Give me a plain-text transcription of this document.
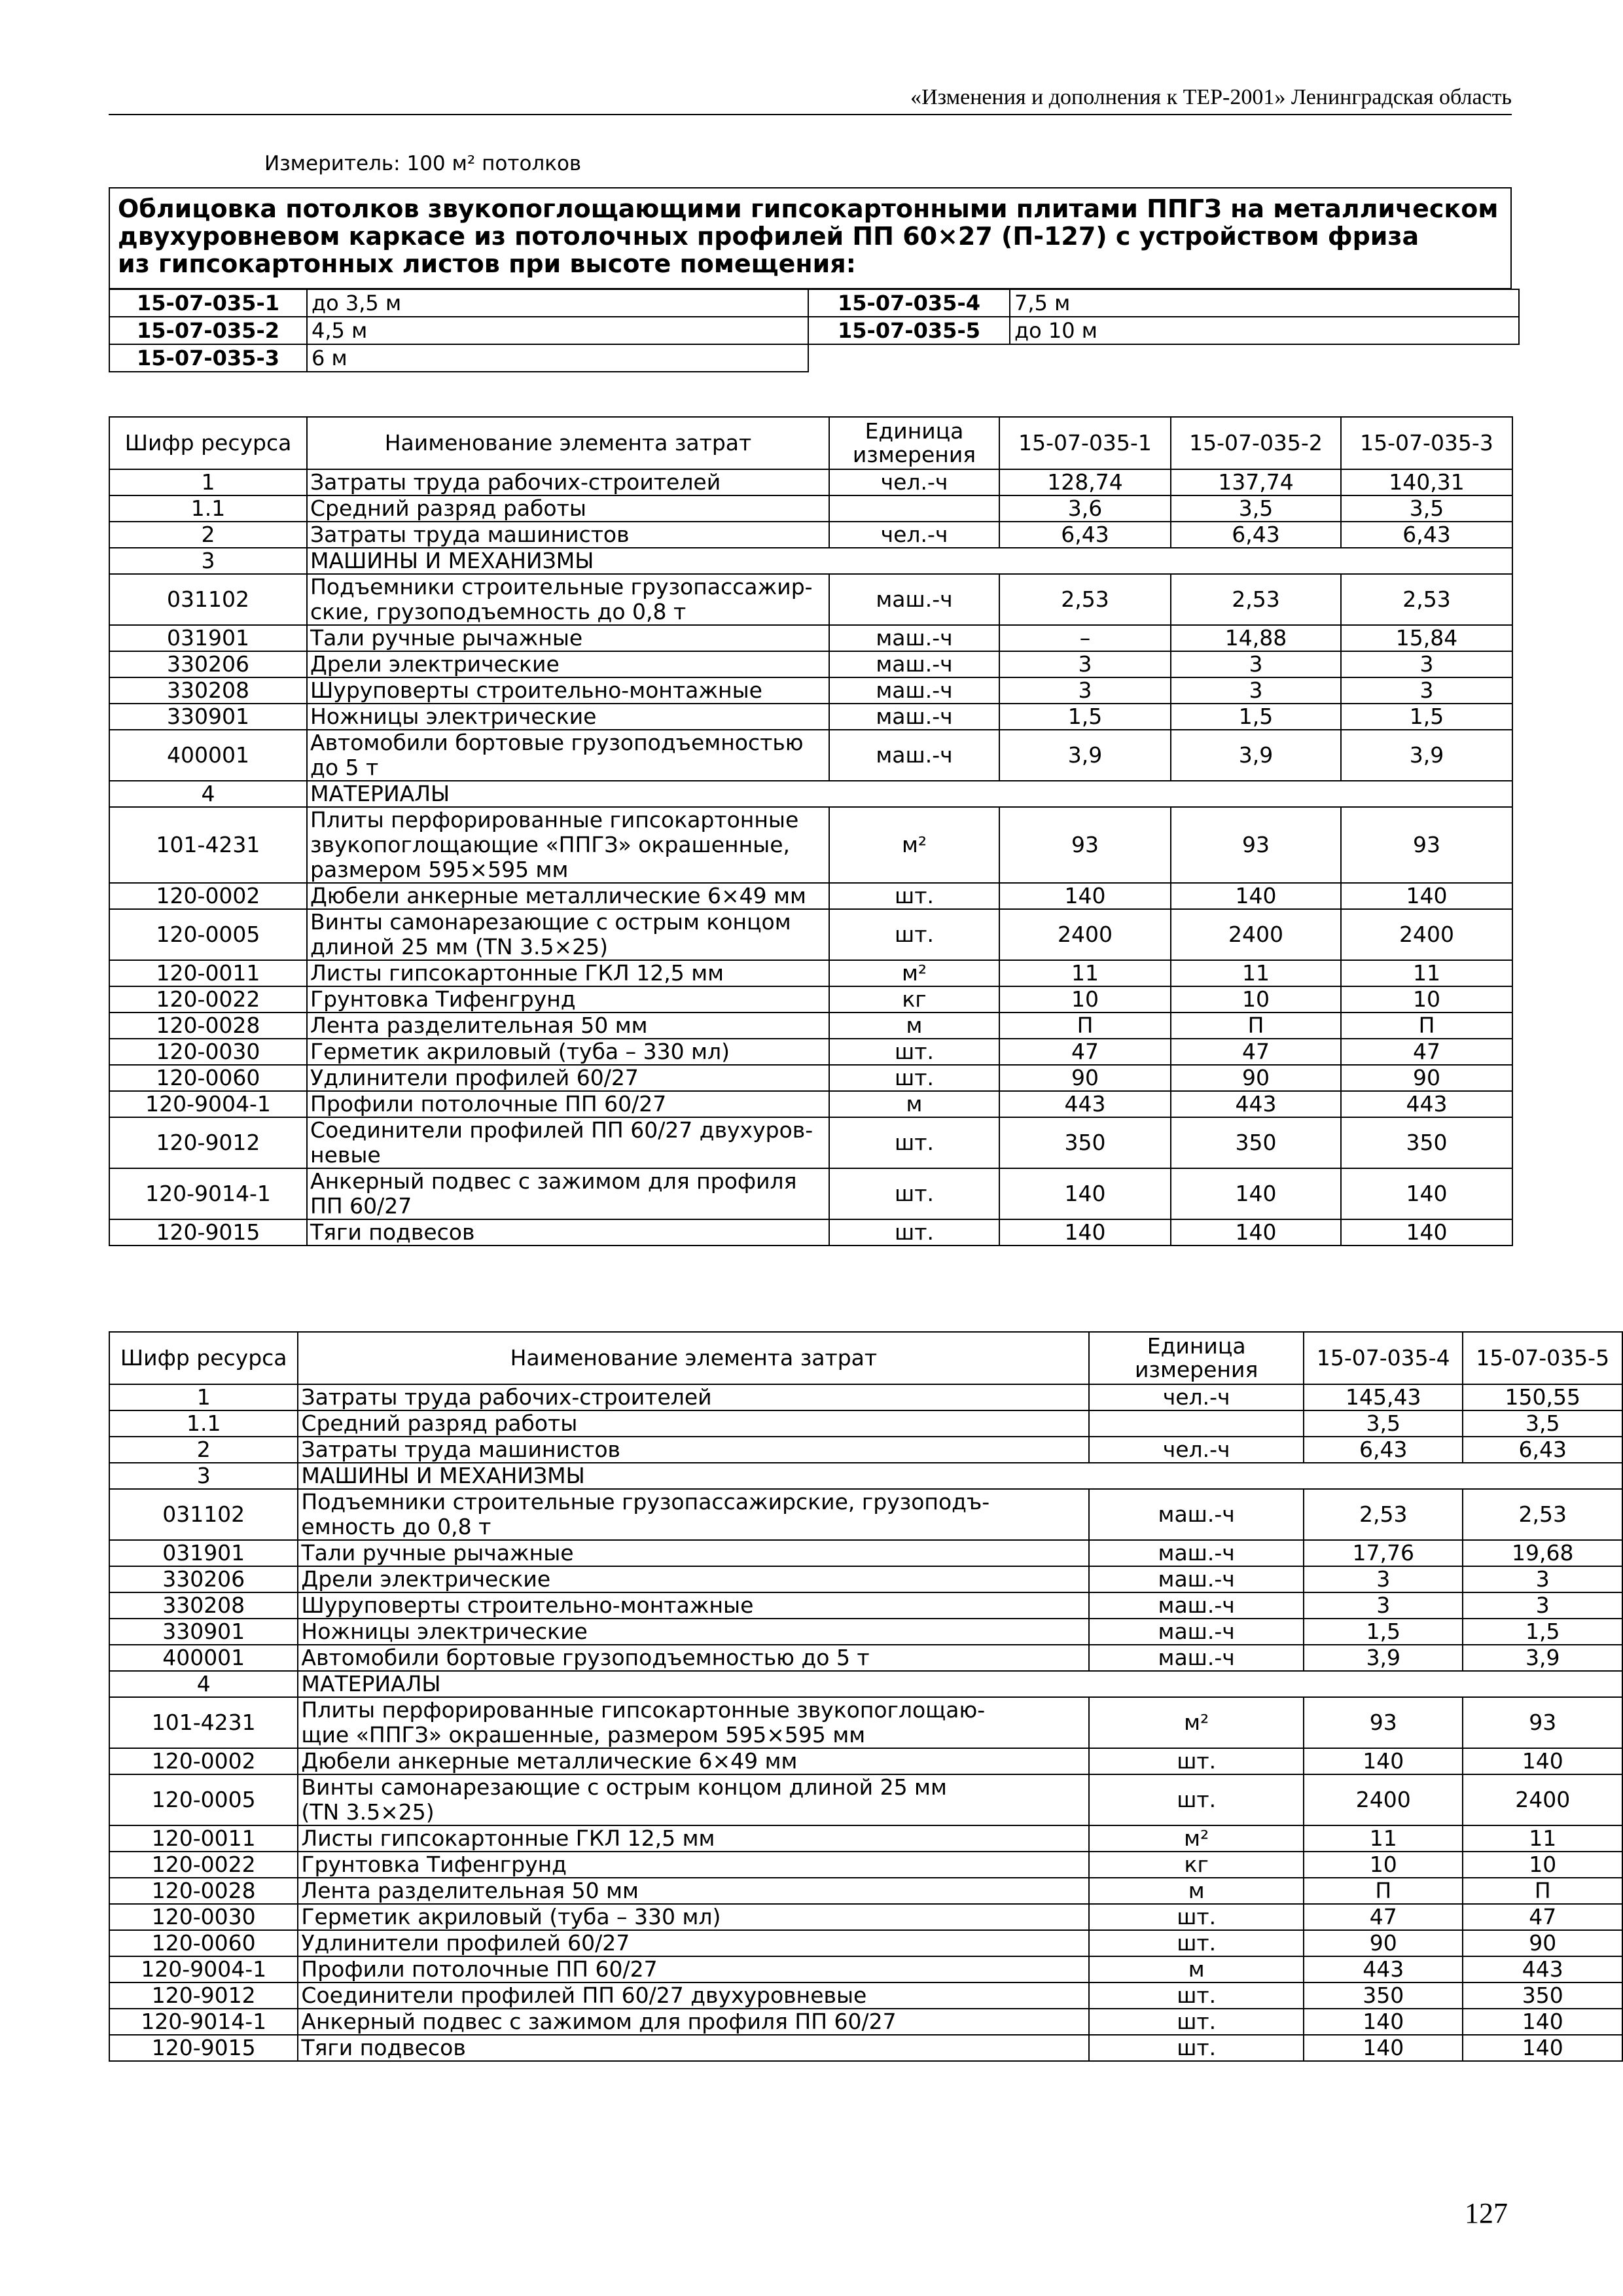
«Изменения и дополнения к ТЕР-2001» Ленинградская область
Измеритель: 100 м² потолков
Облицовка потолков звукопоглощающими гипсокартонными плитами ППГЗ на металлическом
двухуровневом каркасе из потолочных профилей ПП 60×27 (П-127) с устройством фриза
из гипсокартонных листов при высоте помещения:
15-07-035-1	до 3,5 м	15-07-035-4	7,5 м
15-07-035-2	4,5 м	15-07-035-5	до 10 м
15-07-035-3	6 м		
Шифр ресурса	Наименование элемента затрат	Единица измерения	15-07-035-1	15-07-035-2	15-07-035-3
1	Затраты труда рабочих-строителей	чел.-ч	128,74	137,74	140,31
1.1	Средний разряд работы		3,6	3,5	3,5
2	Затраты труда машинистов	чел.-ч	6,43	6,43	6,43
3	МАШИНЫ И МЕХАНИЗМЫ				

031102	Подъемники строительные грузопассажир-
ские, грузоподъемность до 0,8 т	маш.-ч	2,53	2,53	2,53
031901	Тали ручные рычажные	маш.-ч	–	14,88	15,84
330206	Дрели электрические	маш.-ч	3	3	3
330208	Шуруповерты строительно-монтажные	маш.-ч	3	3	3
330901	Ножницы электрические	маш.-ч	1,5	1,5	1,5
400001	Автомобили бортовые грузоподъемностью
до 5 т	маш.-ч	3,9	3,9	3,9
4	МАТЕРИАЛЫ				

101-4231	Плиты перфорированные гипсокартонные
звукопоглощающие «ППГЗ» окрашенные,
размером 595×595 мм	м²	93	93	93
120-0002	Дюбели анкерные металлические 6×49 мм	шт.	140	140	140
120-0005	Винты самонарезающие с острым концом
длиной 25 мм (TN 3.5×25)	шт.	2400	2400	2400
120-0011	Листы гипсокартонные ГКЛ 12,5 мм	м²	11	11	11
120-0022	Грунтовка Тифенгрунд	кг	10	10	10
120-0028	Лента разделительная 50 мм	м	П	П	П
120-0030	Герметик акриловый (туба – 330 мл)	шт.	47	47	47
120-0060	Удлинители профилей 60/27	шт.	90	90	90
120-9004-1	Профили потолочные ПП 60/27	м	443	443	443
120-9012	Соединители профилей ПП 60/27 двухуров-
невые	шт.	350	350	350
120-9014-1	Анкерный подвес с зажимом для профиля
ПП 60/27	шт.	140	140	140
120-9015	Тяги подвесов	шт.	140	140	140
Шифр ресурса	Наименование элемента затрат	Единица измерения	15-07-035-4	15-07-035-5
1	Затраты труда рабочих-строителей	чел.-ч	145,43	150,55
1.1	Средний разряд работы		3,5	3,5
2	Затраты труда машинистов	чел.-ч	6,43	6,43
3	МАШИНЫ И МЕХАНИЗМЫ			

031102	Подъемники строительные грузопассажирские, грузоподъ-
емность до 0,8 т	маш.-ч	2,53	2,53
031901	Тали ручные рычажные	маш.-ч	17,76	19,68
330206	Дрели электрические	маш.-ч	3	3
330208	Шуруповерты строительно-монтажные	маш.-ч	3	3
330901	Ножницы электрические	маш.-ч	1,5	1,5
400001	Автомобили бортовые грузоподъемностью до 5 т	маш.-ч	3,9	3,9
4	МАТЕРИАЛЫ			

101-4231	Плиты перфорированные гипсокартонные звукопоглощаю-
щие «ППГЗ» окрашенные, размером 595×595 мм	м²	93	93
120-0002	Дюбели анкерные металлические 6×49 мм	шт.	140	140
120-0005	Винты самонарезающие с острым концом длиной 25 мм
(TN 3.5×25)	шт.	2400	2400
120-0011	Листы гипсокартонные ГКЛ 12,5 мм	м²	11	11
120-0022	Грунтовка Тифенгрунд	кг	10	10
120-0028	Лента разделительная 50 мм	м	П	П
120-0030	Герметик акриловый (туба – 330 мл)	шт.	47	47
120-0060	Удлинители профилей 60/27	шт.	90	90
120-9004-1	Профили потолочные ПП 60/27	м	443	443
120-9012	Соединители профилей ПП 60/27 двухуровневые	шт.	350	350
120-9014-1	Анкерный подвес с зажимом для профиля ПП 60/27	шт.	140	140
120-9015	Тяги подвесов	шт.	140	140
127
